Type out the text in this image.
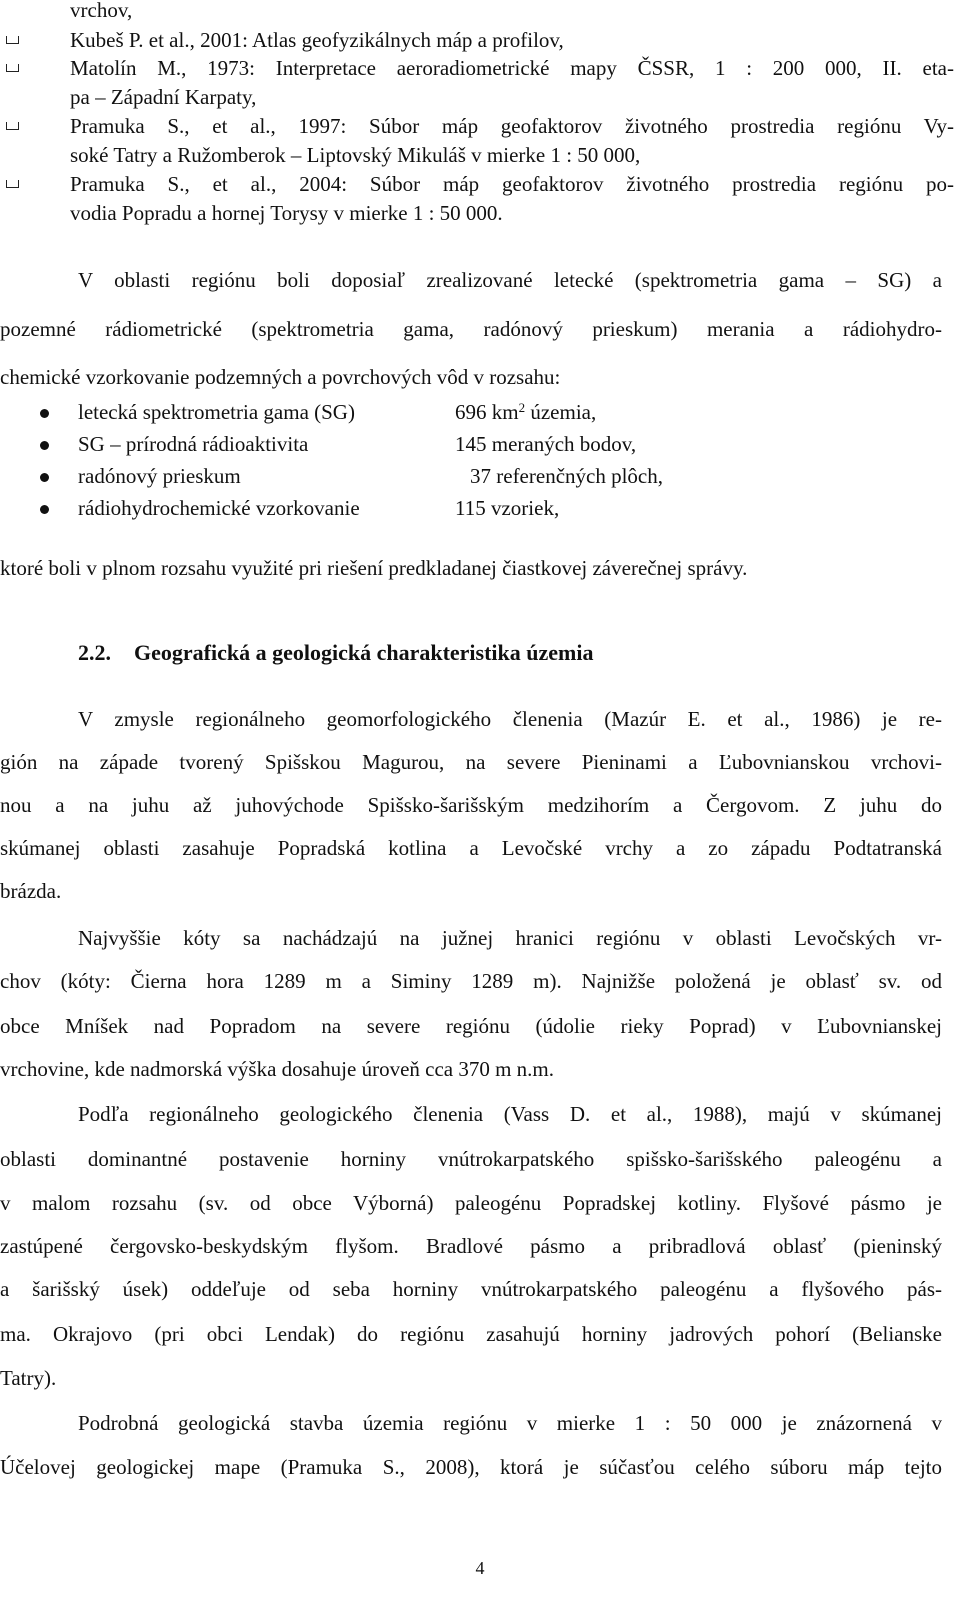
vrchov,
Kubeš P. et al., 2001: Atlas geofyzikálnych máp a profilov,
Matolín M., 1973: Interpretace aeroradiometrické mapy ČSSR, 1 : 200 000, II. eta-
pa – Západní Karpaty,
Pramuka S., et al., 1997: Súbor máp geofaktorov životného prostredia regiónu Vy-
soké Tatry a Ružomberok – Liptovský Mikuláš v mierke 1 : 50 000,
Pramuka S., et al., 2004: Súbor máp geofaktorov životného prostredia regiónu po-
vodia Popradu a hornej Torysy v mierke 1 : 50 000.
V oblasti regiónu boli doposiaľ zrealizované letecké (spektrometria gama – SG) a
pozemné rádiometrické (spektrometria gama, radónový prieskum) merania a rádiohydro-
chemické vzorkovanie podzemných a povrchových vôd v rozsahu:
letecká spektrometria gama (SG)	696 $km^2$ územia,
SG – prírodná rádioaktivita	145 meraných bodov,
radónový prieskum	37 referenčných plôch,
rádiohydrochemické vzorkovanie	115 vzoriek,
ktoré boli v plnom rozsahu využité pri riešení predkladanej čiastkovej záverečnej správy.
2.2. Geografická a geologická charakteristika územia
V zmysle regionálneho geomorfologického členenia (Mazúr E. et al., 1986) je re-
gión na západe tvorený Spišskou Magurou, na severe Pieninami a Ľubovnianskou vrchovi-
nou a na juhu až juhovýchode Spišsko-šarišským medzihorím a Čergovom. Z juhu do
skúmanej oblasti zasahuje Popradská kotlina a Levočské vrchy a zo západu Podtatranská
brázda.
Najvyššie kóty sa nachádzajú na južnej hranici regiónu v oblasti Levočských vr-
chov (kóty: Čierna hora 1289 m a Siminy 1289 m). Najnižše položená je oblasť sv. od
obce Mníšek nad Popradom na severe regiónu (údolie rieky Poprad) v Ľubovnianskej
vrchovine, kde nadmorská výška dosahuje úroveň cca 370 m n.m.
Podľa regionálneho geologického členenia (Vass D. et al., 1988), majú v skúmanej
oblasti dominantné postavenie horniny vnútrokarpatského spišsko-šarišského paleogénu a
v malom rozsahu (sv. od obce Výborná) paleogénu Popradskej kotliny. Flyšové pásmo je
zastúpené čergovsko-beskydským flyšom. Bradlové pásmo a pribradlová oblasť (pieninský
a šarišský úsek) oddeľuje od seba horniny vnútrokarpatského paleogénu a flyšového pás-
ma. Okrajovo (pri obci Lendak) do regiónu zasahujú horniny jadrových pohorí (Belianske
Tatry).
Podrobná geologická stavba územia regiónu v mierke 1 : 50 000 je znázornená v
Účelovej geologickej mape (Pramuka S., 2008), ktorá je súčasťou celého súboru máp tejto
4
